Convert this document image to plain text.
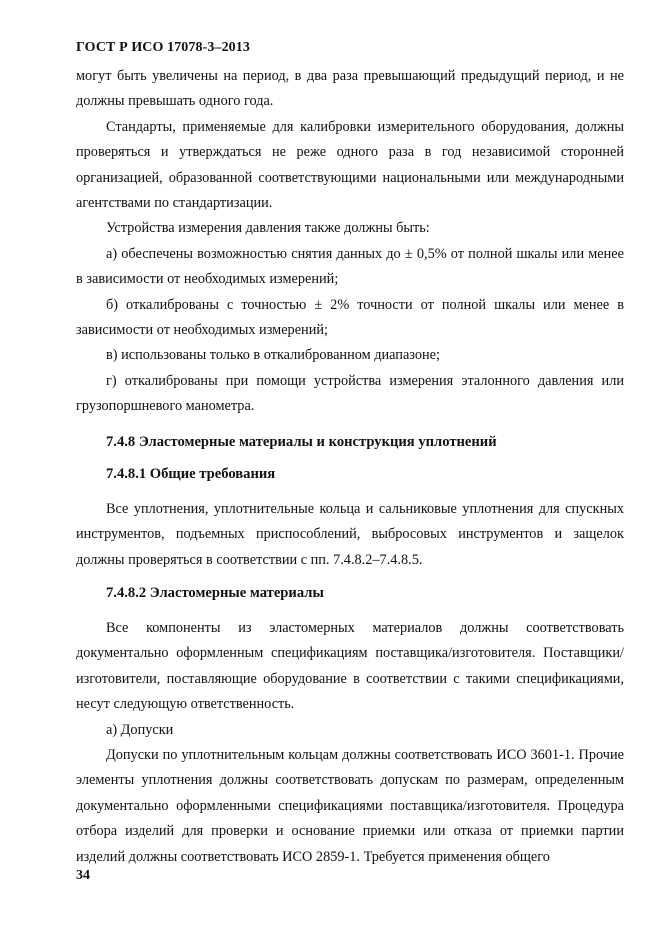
ГОСТ Р ИСО 17078-3–2013

могут быть увеличены на период, в два раза превышающий предыдущий период, и не должны превышать одного года.

Стандарты, применяемые для калибровки измерительного оборудования, должны проверяться и утверждаться не реже одного раза в год независимой сторонней организацией, образованной соответствующими национальными или международными агентствами по стандартизации.

Устройства измерения давления также должны быть:

а) обеспечены возможностью снятия данных до ± 0,5% от полной шкалы или менее в зависимости от необходимых измерений;

б) откалиброваны с точностью ± 2% точности от полной шкалы или менее в зависимости от необходимых измерений;

в) использованы только в откалиброванном диапазоне;

г) откалиброваны при помощи устройства измерения эталонного давления или грузопоршневого манометра.

7.4.8 Эластомерные материалы и конструкция уплотнений
7.4.8.1 Общие требования

Все уплотнения, уплотнительные кольца и сальниковые уплотнения для спускных инструментов, подъемных приспособлений, выбросовых инструментов и защелок должны проверяться в соответствии с пп. 7.4.8.2–7.4.8.5.

7.4.8.2 Эластомерные материалы

Все компоненты из эластомерных материалов должны соответствовать документально оформленным спецификациям поставщика/изготовителя. Поставщики/изготовители, поставляющие оборудование в соответствии с такими спецификациями, несут следующую ответственность.

а) Допуски

Допуски по уплотнительным кольцам должны соответствовать ИСО 3601-1. Прочие элементы уплотнения должны соответствовать допускам по размерам, определенным документально оформленными спецификациями поставщика/изготовителя. Процедура отбора изделий для проверки и основание приемки или отказа от приемки партии изделий должны соответствовать ИСО 2859-1. Требуется применения общего

34
